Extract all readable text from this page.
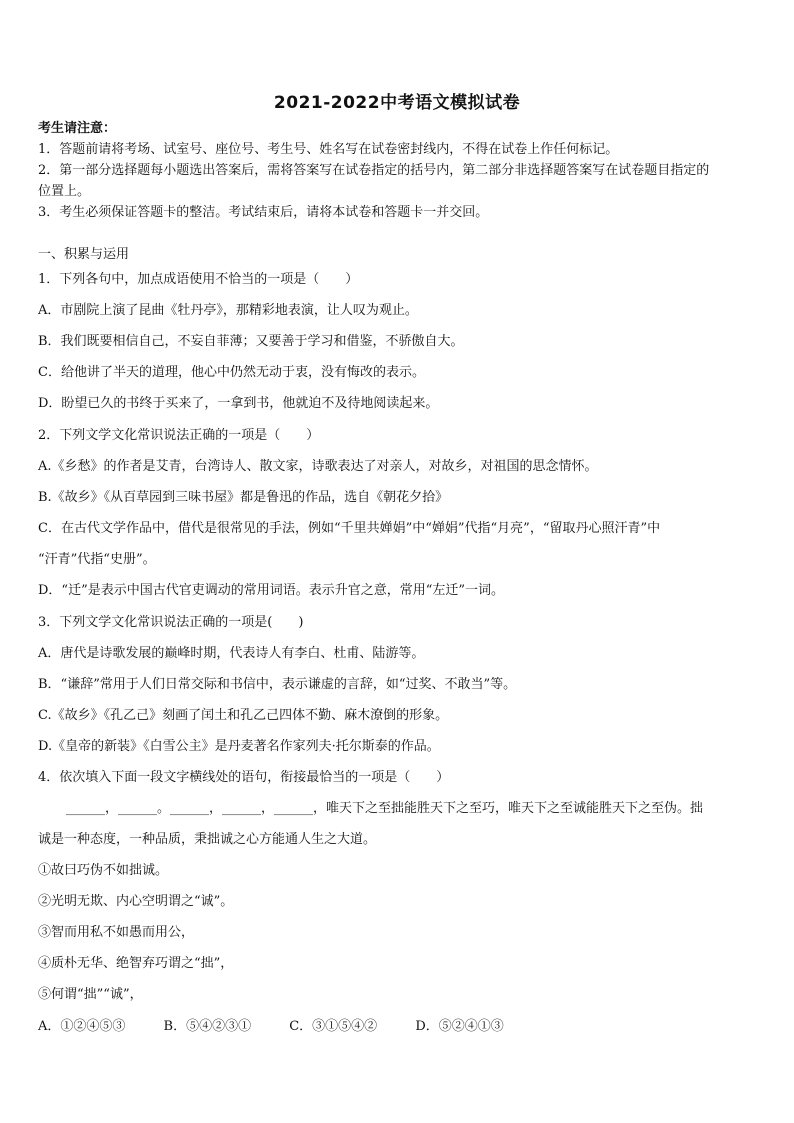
2021-2022中考语文模拟试卷
考生请注意：
1．答题前请将考场、试室号、座位号、考生号、姓名写在试卷密封线内，不得在试卷上作任何标记。
2．第一部分选择题每小题选出答案后，需将答案写在试卷指定的括号内，第二部分非选择题答案写在试卷题目指定的
位置上。
3．考生必须保证答题卡的整洁。考试结束后，请将本试卷和答题卡一并交回。
一、积累与运用
1．下列各句中，加点成语使用不恰当的一项是（　　）
A．市剧院上演了昆曲《牡丹亭》，那精彩地表演，让人叹为观止。
B．我们既要相信自己，不妄自菲薄；又要善于学习和借鉴，不骄傲自大。
C．给他讲了半天的道理，他心中仍然无动于衷，没有悔改的表示。
D．盼望已久的书终于买来了，一拿到书，他就迫不及待地阅读起来。
2．下列文学文化常识说法正确的一项是（　　）
A.《乡愁》的作者是艾青，台湾诗人、散文家，诗歌表达了对亲人，对故乡，对祖国的思念情怀。
B.《故乡》《从百草园到三味书屋》都是鲁迅的作品，选自《朝花夕拾》
C．在古代文学作品中，借代是很常见的手法，例如“千里共婵娟”中“婵娟”代指“月亮”，“留取丹心照汗青”中
“汗青”代指“史册”。
D．“迁”是表示中国古代官吏调动的常用词语。表示升官之意，常用“左迁”一词。
3．下列文学文化常识说法正确的一项是(　　)
A．唐代是诗歌发展的巅峰时期，代表诗人有李白、杜甫、陆游等。
B．“谦辞”常用于人们日常交际和书信中，表示谦虚的言辞，如“过奖、不敢当”等。
C.《故乡》《孔乙己》刻画了闰土和孔乙己四体不勤、麻木潦倒的形象。
D.《皇帝的新装》《白雪公主》是丹麦著名作家列夫·托尔斯泰的作品。
4．依次填入下面一段文字横线处的语句，衔接最恰当的一项是（　　）
______，______。______，______，______，唯天下之至拙能胜天下之至巧，唯天下之至诚能胜天下之至伪。拙
诚是一种态度，一种品质，秉拙诚之心方能通人生之大道。
①故曰巧伪不如拙诚。
②光明无欺、内心空明谓之“诚”。
③智而用私不如愚而用公，
④质朴无华、绝智弃巧谓之“拙”，
⑤何谓“拙”“诚”，
A．①②④⑤③	B．⑤④②③①	C．③①⑤④②	D．⑤②④①③
